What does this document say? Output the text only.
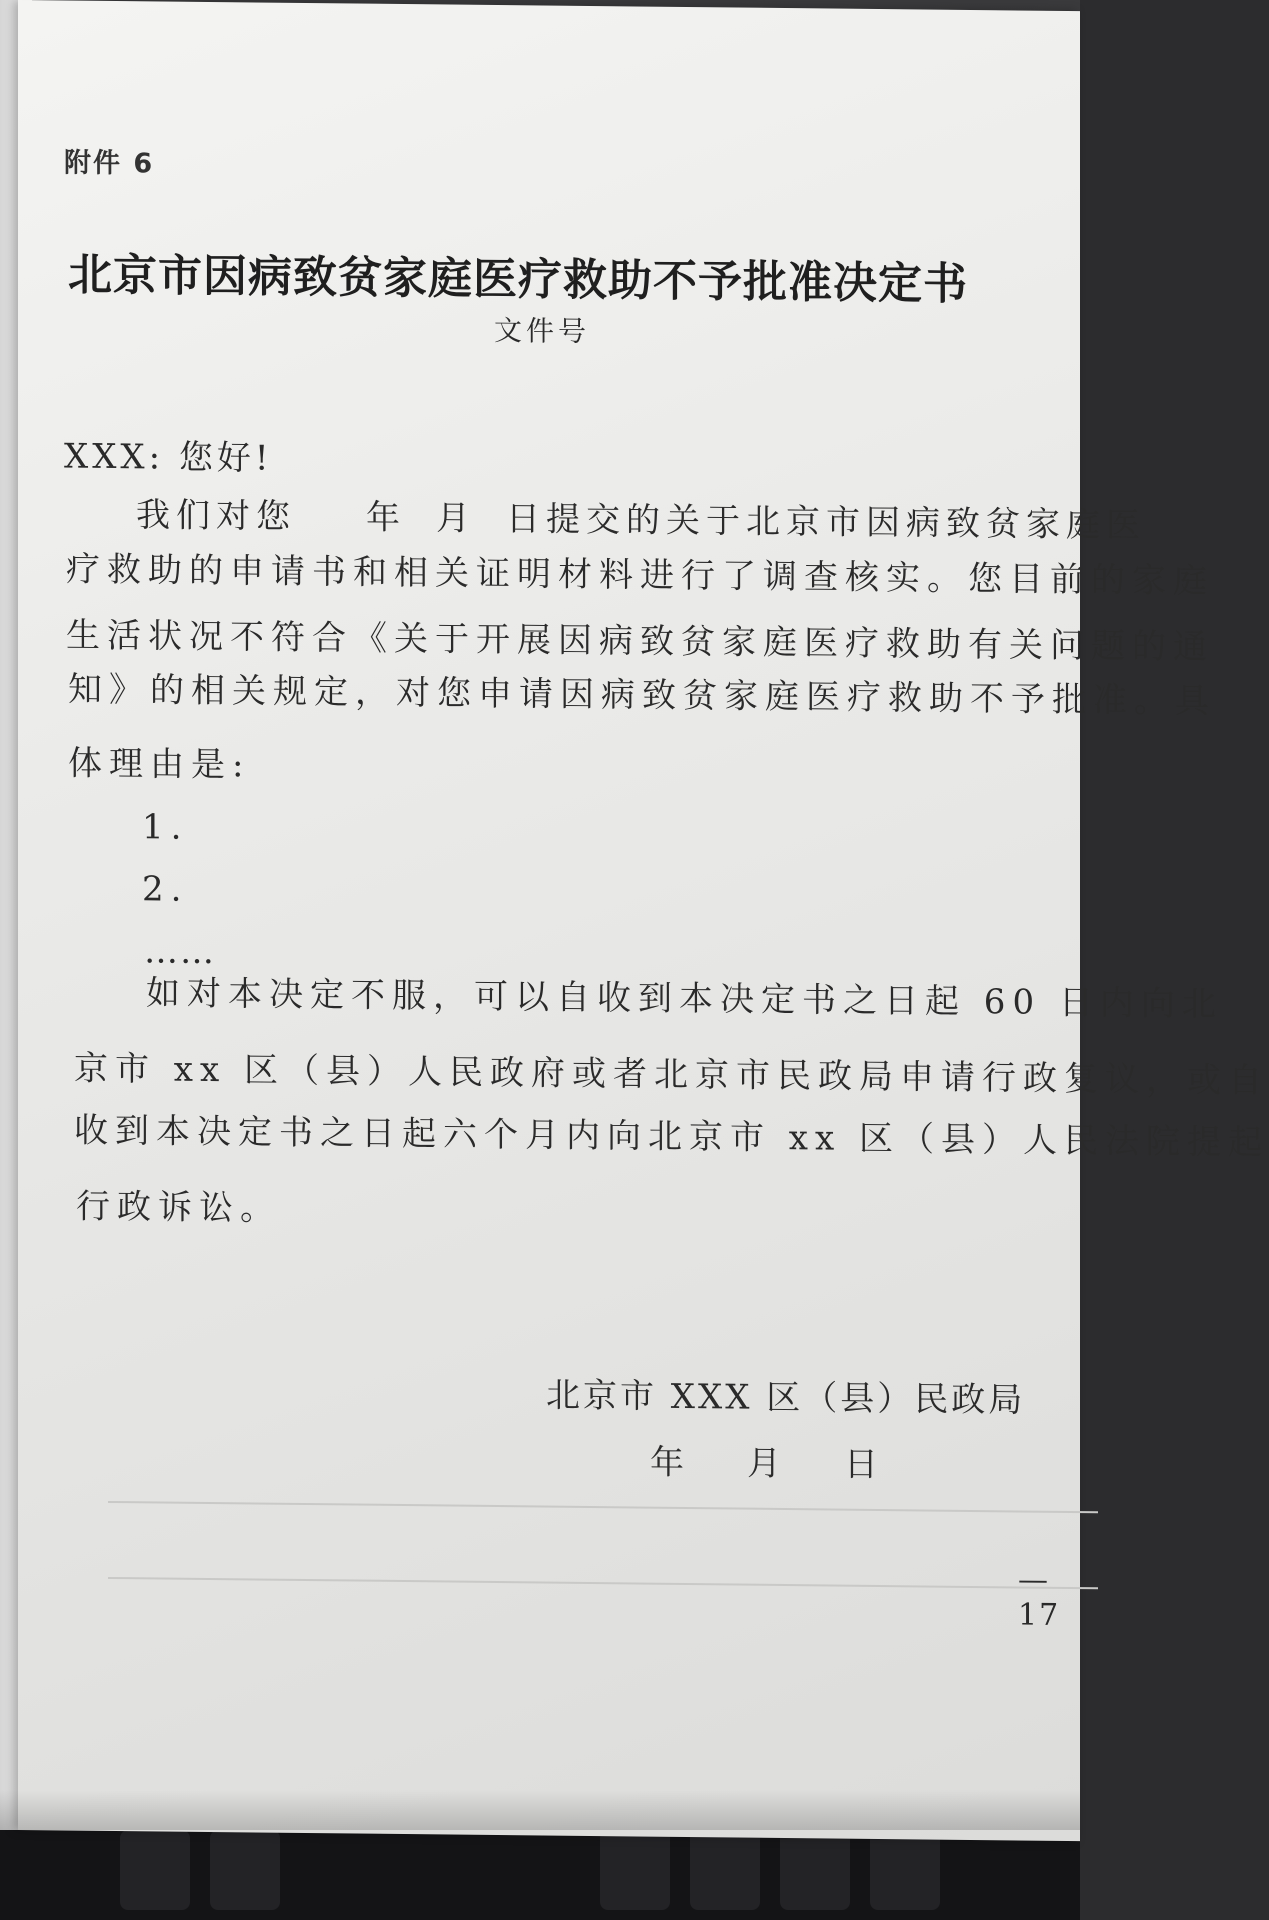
附件 6
北京市因病致贫家庭医疗救助不予批准决定书
文件号
XXX: 您好!
我们对您 年 月 日提交的关于北京市因病致贫家庭医
疗救助的申请书和相关证明材料进行了调查核实。您目前的家庭
生活状况不符合《关于开展因病致贫家庭医疗救助有关问题的通
知》的相关规定，对您申请因病致贫家庭医疗救助不予批准。具
体理由是:
1.
2.
……
如对本决定不服，可以自收到本决定书之日起 60 日内向北
京市 xx 区（县）人民政府或者北京市民政局申请行政复议，或自
收到本决定书之日起六个月内向北京市 xx 区（县）人民法院提起
行政诉讼。
北京市 XXX 区（县）民政局
年 月 日
— 17
